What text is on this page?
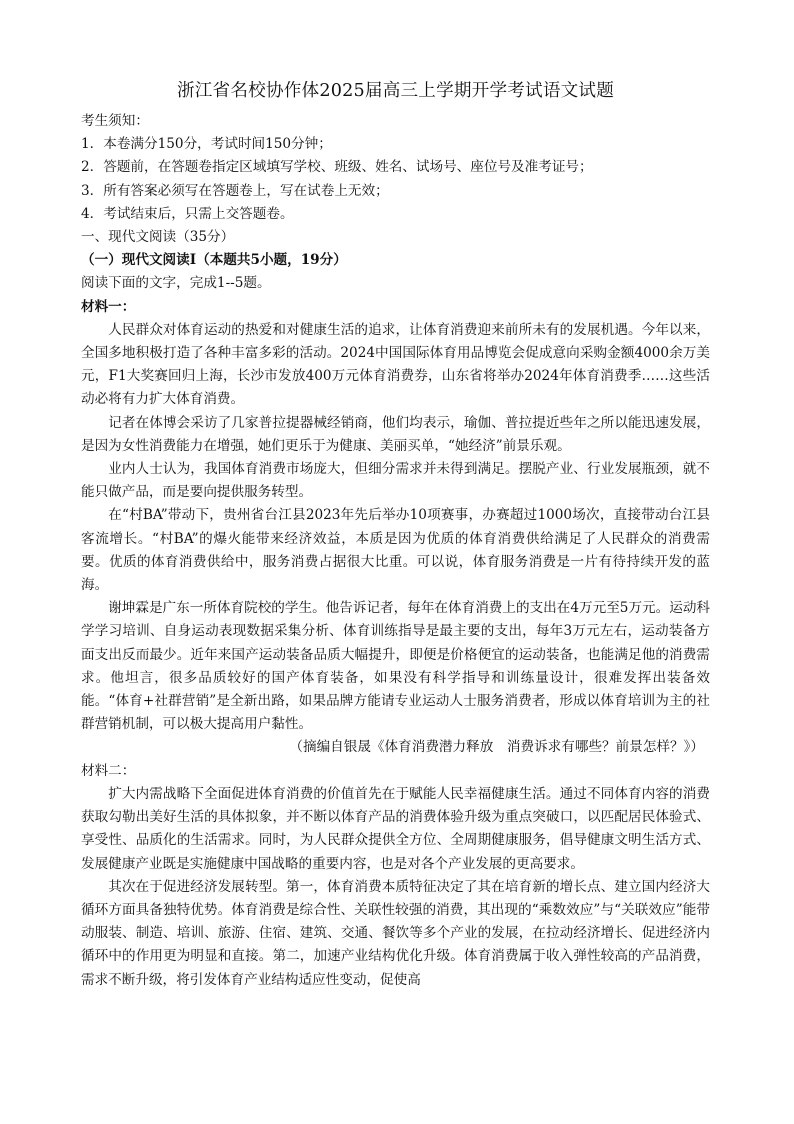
浙江省名校协作体2025届高三上学期开学考试语文试题

考生须知：

1．本卷满分150分，考试时间150分钟；

2．答题前，在答题卷指定区域填写学校、班级、姓名、试场号、座位号及准考证号；

3．所有答案必须写在答题卷上，写在试卷上无效；

4．考试结束后，只需上交答题卷。

一、现代文阅读（35分）

（一）现代文阅读Ⅰ（本题共5小题，19分）

阅读下面的文字，完成1--5题。

材料一：

人民群众对体育运动的热爱和对健康生活的追求，让体育消费迎来前所未有的发展机遇。今年以来，全国多地积极打造了各种丰富多彩的活动。2024中国国际体育用品博览会促成意向采购金额4000余万美元，F1大奖赛回归上海，长沙市发放400万元体育消费券，山东省将举办2024年体育消费季……这些活动必将有力扩大体育消费。

记者在体博会采访了几家普拉提器械经销商，他们均表示，瑜伽、普拉提近些年之所以能迅速发展，是因为女性消费能力在增强，她们更乐于为健康、美丽买单，“她经济”前景乐观。

业内人士认为，我国体育消费市场庞大，但细分需求并未得到满足。摆脱产业、行业发展瓶颈，就不能只做产品，而是要向提供服务转型。

在“村BA”带动下，贵州省台江县2023年先后举办10项赛事，办赛超过1000场次，直接带动台江县客流增长。“村BA”的爆火能带来经济效益，本质是因为优质的体育消费供给满足了人民群众的消费需要。优质的体育消费供给中，服务消费占据很大比重。可以说，体育服务消费是一片有待持续开发的蓝海。

谢坤霖是广东一所体育院校的学生。他告诉记者，每年在体育消费上的支出在4万元至5万元。运动科学学习培训、自身运动表现数据采集分析、体育训练指导是最主要的支出，每年3万元左右，运动装备方面支出反而最少。近年来国产运动装备品质大幅提升，即便是价格便宜的运动装备，也能满足他的消费需求。他坦言，很多品质较好的国产体育装备，如果没有科学指导和训练量设计，很难发挥出装备效能。“体育+社群营销”是全新出路，如果品牌方能请专业运动人士服务消费者，形成以体育培训为主的社群营销机制，可以极大提高用户黏性。

（摘编自银晟《体育消费潜力释放　消费诉求有哪些？前景怎样？》）

材料二：

扩大内需战略下全面促进体育消费的价值首先在于赋能人民幸福健康生活。通过不同体育内容的消费获取勾勒出美好生活的具体拟象，并不断以体育产品的消费体验升级为重点突破口，以匹配居民体验式、享受性、品质化的生活需求。同时，为人民群众提供全方位、全周期健康服务，倡导健康文明生活方式、发展健康产业既是实施健康中国战略的重要内容，也是对各个产业发展的更高要求。

其次在于促进经济发展转型。第一，体育消费本质特征决定了其在培育新的增长点、建立国内经济大循环方面具备独特优势。体育消费是综合性、关联性较强的消费，其出现的“乘数效应”与“关联效应”能带动服装、制造、培训、旅游、住宿、建筑、交通、餐饮等多个产业的发展，在拉动经济增长、促进经济内循环中的作用更为明显和直接。第二，加速产业结构优化升级。体育消费属于收入弹性较高的产品消费，需求不断升级，将引发体育产业结构适应性变动，促使高
